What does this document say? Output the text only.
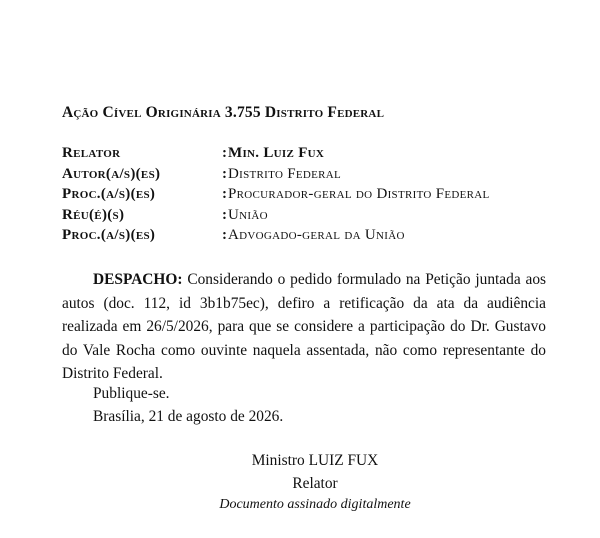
Ação Cível Originária 3.755 Distrito Federal
Relator	: Min. Luiz Fux
Autor(a/s)(es)	: Distrito Federal
Proc.(a/s)(es)	: Procurador-geral do Distrito Federal
Réu(é)(s)	: União
Proc.(a/s)(es)	: Advogado-geral da União

DESPACHO: Considerando o pedido formulado na Petição juntada aos autos (doc. 112, id 3b1b75ec), defiro a retificação da ata da audiência realizada em 26/5/2026, para que se considere a participação do Dr. Gustavo do Vale Rocha como ouvinte naquela assentada, não como representante do Distrito Federal.

Publique-se.
Brasília, 21 de agosto de 2026.
Ministro LUIZ FUX
Relator
Documento assinado digitalmente
